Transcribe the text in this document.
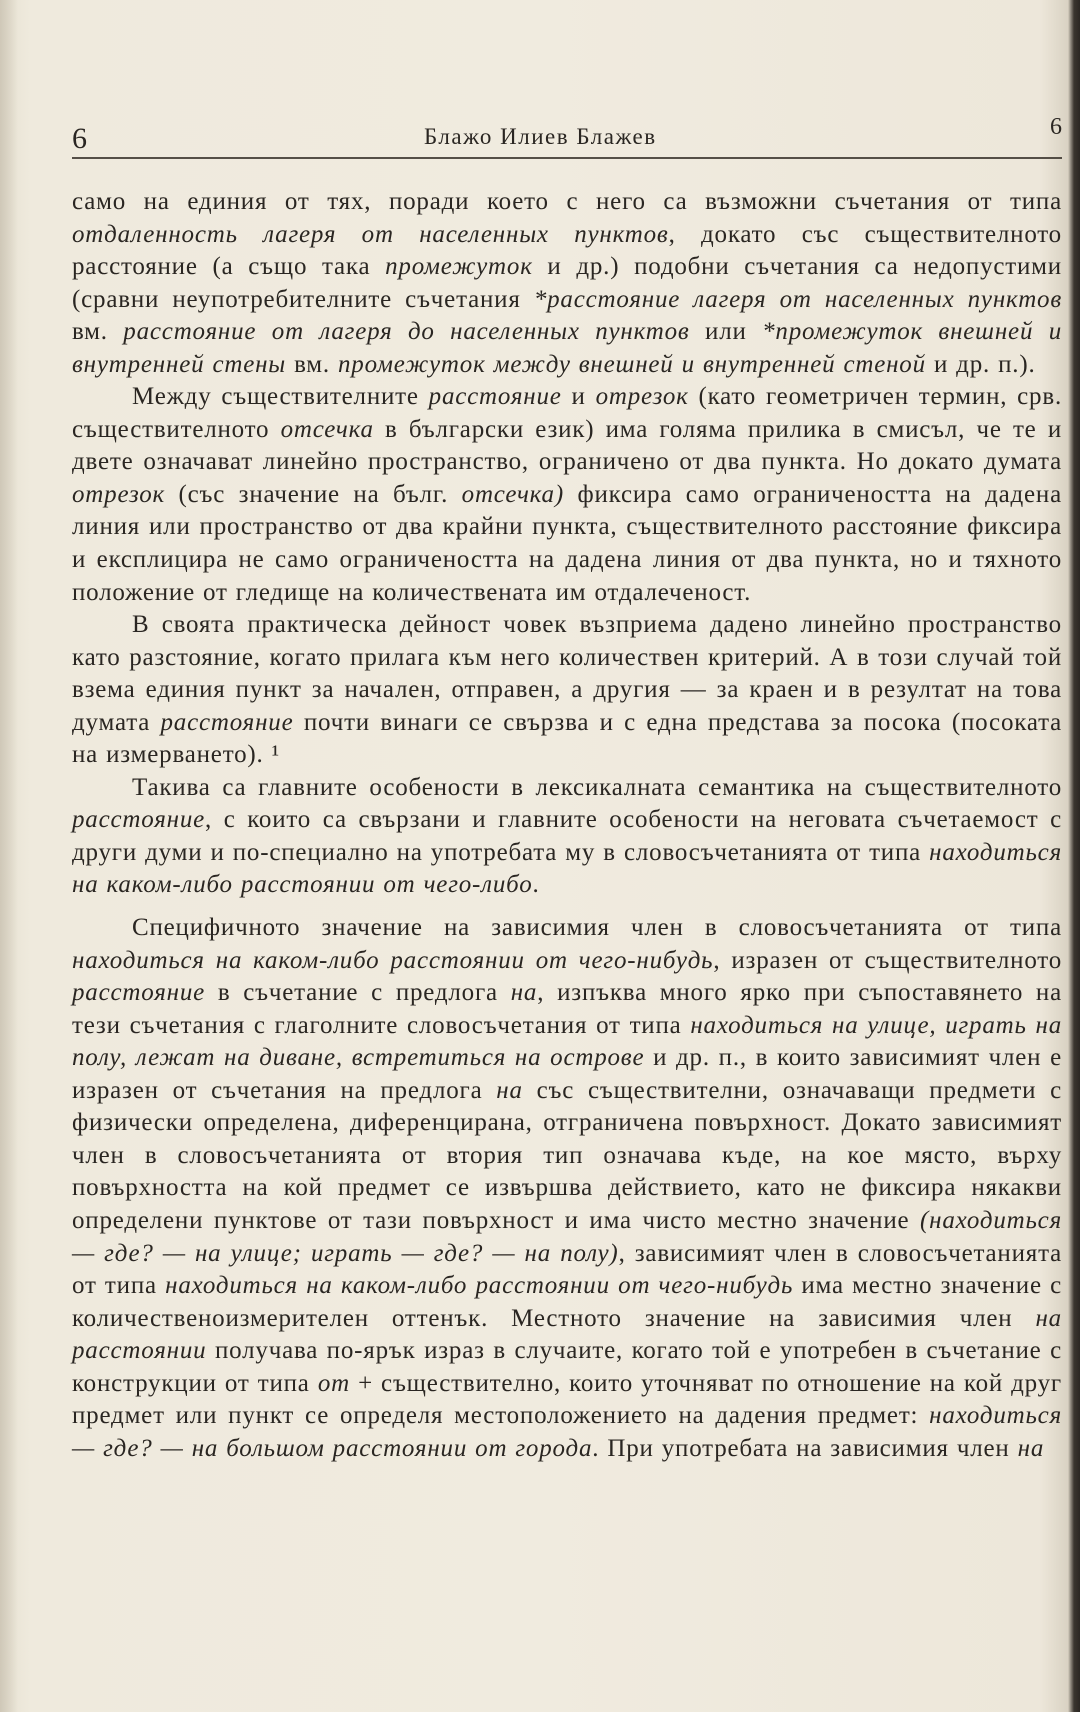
6	Блажо Илиев Блажев	6

само на единия от тях, поради което с него са възможни съчетания от типа отдаленность лагеря от населенных пунктов, докато със съществителното расстояние (а също така промежуток и др.) подобни съчетания са недопустими (сравни неупотребителните съчетания *расстояние лагеря от населенных пунктов вм. расстояние от лагеря до населенных пунктов или *промежуток внешней и внутренней стены вм. промежуток между внешней и внутренней стеной и др. п.).

Между съществителните расстояние и отрезок (като геометричен термин, срв. съществителното отсечка в български език) има голяма прилика в смисъл, че те и двете означават линейно пространство, ограничено от два пункта. Но докато думата отрезок (със значение на бълг. отсечка) фиксира само ограничеността на дадена линия или пространство от два крайни пункта, съществителното расстояние фиксира и експлицира не само ограничеността на дадена линия от два пункта, но и тяхното положение от гледище на количествената им отдалеченост.

В своята практическа дейност човек възприема дадено линейно пространство като разстояние, когато прилага към него количествен критерий. А в този случай той взема единия пункт за начален, отправен, а другия — за краен и в резултат на това думата расстояние почти винаги се свързва и с една представа за посока (посоката на измерването). ¹

Такива са главните особености в лексикалната семантика на съществителното расстояние, с които са свързани и главните особености на неговата съчетаемост с други думи и по-специално на употребата му в словосъчетанията от типа находиться на каком-либо расстоянии от чего-либо.

Специфичното значение на зависимия член в словосъчетанията от типа находиться на каком-либо расстоянии от чего-нибудь, изразен от съществителното расстояние в съчетание с предлога на, изпъква много ярко при съпоставянето на тези съчетания с глаголните словосъчетания от типа находиться на улице, играть на полу, лежат на диване, встретиться на острове и др. п., в които зависимият член е изразен от съчетания на предлога на със съществителни, означаващи предмети с физически определена, диференцирана, отграничена повърхност. Докато зависимият член в словосъчетанията от втория тип означава къде, на кое място, върху повърхността на кой предмет се извършва действието, като не фиксира някакви определени пунктове от тази повърхност и има чисто местно значение (находиться — где? — на улице; играть — где? — на полу), зависимият член в словосъчетанията от типа находиться на каком-либо расстоянии от чего-нибудь има местно значение с количественоизмерителен оттенък. Местното значение на зависимия член на расстоянии получава по-ярък израз в случаите, когато той е употребен в съчетание с конструкции от типа от + съществително, които уточняват по отношение на кой друг предмет или пункт се определя местоположението на дадения предмет: находиться — где? — на большом расстоянии от города. При употребата на зависимия член на
